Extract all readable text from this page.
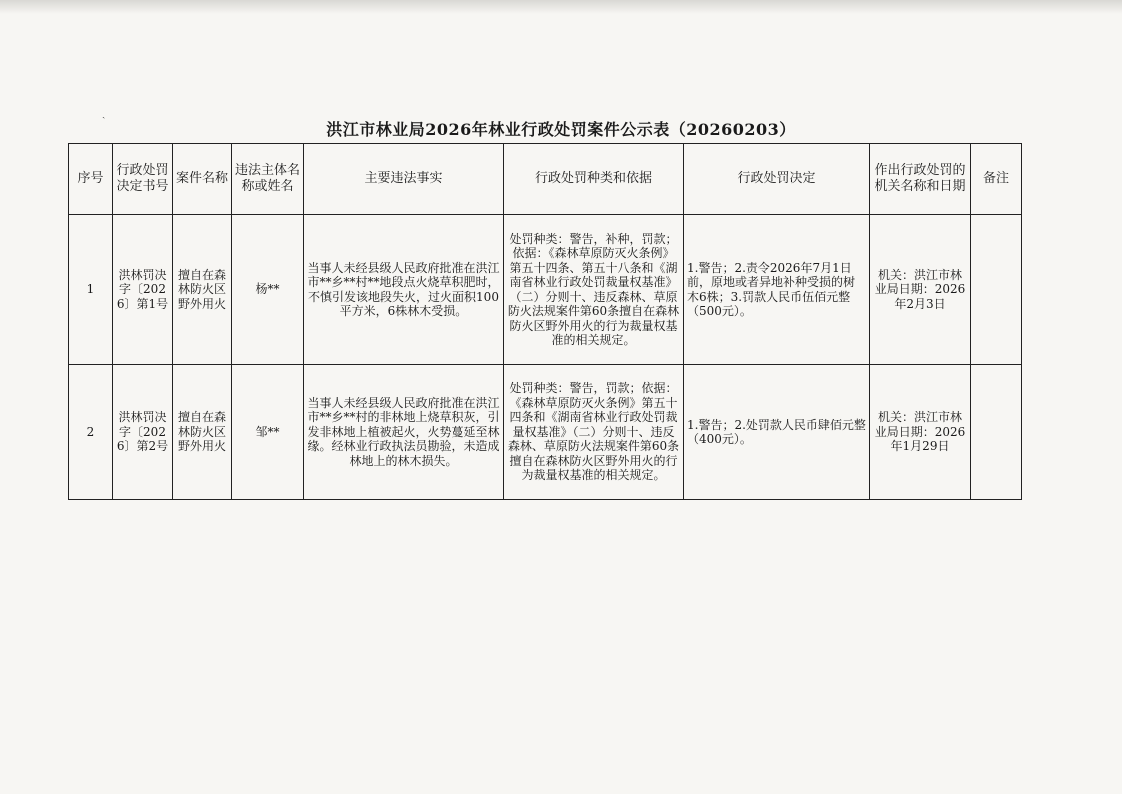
ˎ
洪江市林业局2026年林业行政处罚案件公示表（20260203）
序号	行政处罚决定书号	案件名称	违法主体名称或姓名	主要违法事实	行政处罚种类和依据	行政处罚决定	作出行政处罚的机关名称和日期	备注
1	洪林罚决字〔2026〕第1号	擅自在森林防火区野外用火	杨**	当事人未经县级人民政府批准在洪江市**乡**村**地段点火烧草积肥时，不慎引发该地段失火，过火面积100平方米，6株林木受损。	处罚种类：警告，补种，罚款；依据：《森林草原防灭火条例》第五十四条、第五十八条和《湖南省林业行政处罚裁量权基准》（二）分则十、违反森林、草原防火法规案件第60条擅自在森林防火区野外用火的行为裁量权基准的相关规定。	1.警告；2.责令2026年7月1日前，原地或者异地补种受损的树木6株；3.罚款人民币伍佰元整（500元）。	机关：洪江市林业局日期：2026年2月3日	
2	洪林罚决字〔2026〕第2号	擅自在森林防火区野外用火	邹**	当事人未经县级人民政府批准在洪江市**乡**村的非林地上烧草积灰，引发非林地上植被起火，火势蔓延至林缘。经林业行政执法员勘验，未造成林地上的林木损失。	处罚种类：警告，罚款；依据：《森林草原防灭火条例》第五十四条和《湖南省林业行政处罚裁量权基准》（二）分则十、违反森林、草原防火法规案件第60条擅自在森林防火区野外用火的行为裁量权基准的相关规定。	1.警告；2.处罚款人民币肆佰元整（400元）。	机关：洪江市林业局日期：2026年1月29日	
